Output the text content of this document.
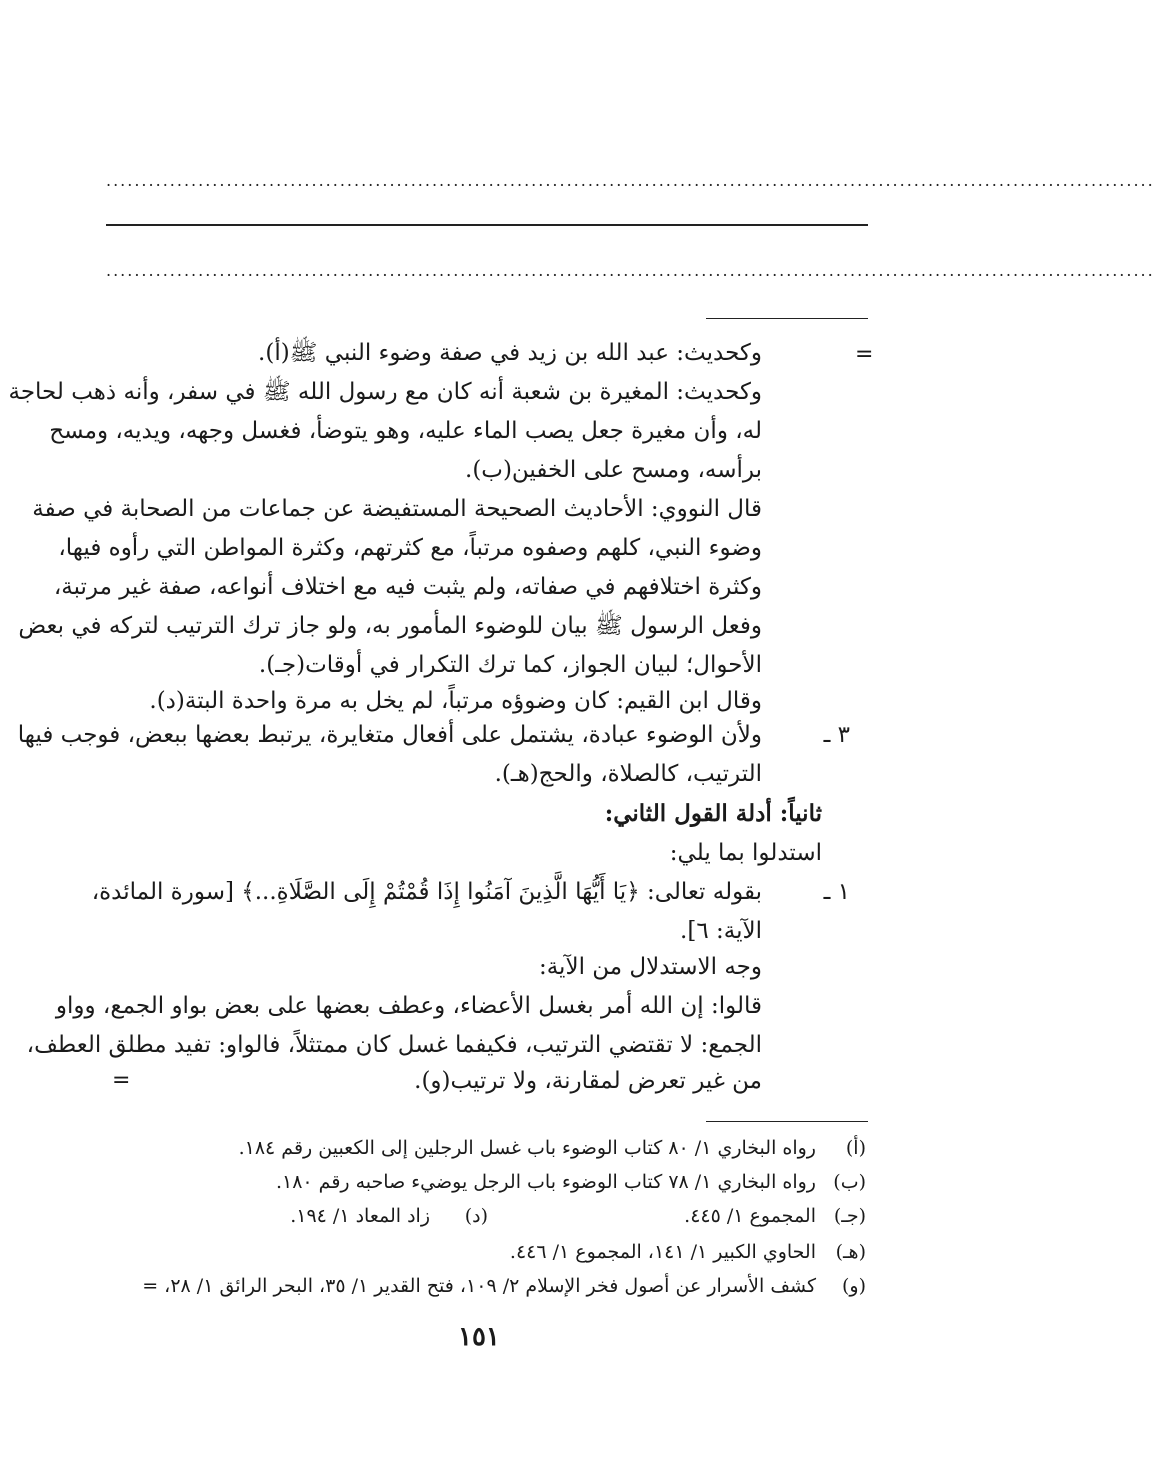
....................................................................................................................................................
....................................................................................................................................................
=
=
وكحديث: عبد الله بن زيد في صفة وضوء النبي ﷺ(أ).
وكحديث: المغيرة بن شعبة أنه كان مع رسول الله ﷺ في سفر، وأنه ذهب لحاجة
له، وأن مغيرة جعل يصب الماء عليه، وهو يتوضأ، فغسل وجهه، ويديه، ومسح
برأسه، ومسح على الخفين(ب).
قال النووي: الأحاديث الصحيحة المستفيضة عن جماعات من الصحابة في صفة
وضوء النبي، كلهم وصفوه مرتباً، مع كثرتهم، وكثرة المواطن التي رأوه فيها،
وكثرة اختلافهم في صفاته، ولم يثبت فيه مع اختلاف أنواعه، صفة غير مرتبة،
وفعل الرسول ﷺ بيان للوضوء المأمور به، ولو جاز ترك الترتيب لتركه في بعض
الأحوال؛ لبيان الجواز، كما ترك التكرار في أوقات(جـ).
وقال ابن القيم: كان وضوؤه مرتباً، لم يخل به مرة واحدة البتة(د).
٣ ـ
ولأن الوضوء عبادة، يشتمل على أفعال متغايرة، يرتبط بعضها ببعض، فوجب فيها
الترتيب، كالصلاة، والحج(هـ).
ثانياً: أدلة القول الثاني:
استدلوا بما يلي:
١ ـ
بقوله تعالى: ﴿يَا أَيُّهَا الَّذِينَ آمَنُوا إِذَا قُمْتُمْ إِلَى الصَّلَاةِ...﴾ [سورة المائدة،
الآية: ٦].
وجه الاستدلال من الآية:
قالوا: إن الله أمر بغسل الأعضاء، وعطف بعضها على بعض بواو الجمع، وواو
الجمع: لا تقتضي الترتيب، فكيفما غسل كان ممتثلاً، فالواو: تفيد مطلق العطف،
من غير تعرض لمقارنة، ولا ترتيب(و).
(أ)
رواه البخاري ١/ ٨٠ كتاب الوضوء باب غسل الرجلين إلى الكعبين رقم ١٨٤.
(ب)
رواه البخاري ١/ ٧٨ كتاب الوضوء باب الرجل يوضيء صاحبه رقم ١٨٠.
(جـ)
المجموع ١/ ٤٤٥.
(د)
زاد المعاد ١/ ١٩٤.
(هـ)
الحاوي الكبير ١/ ١٤١، المجموع ١/ ٤٤٦.
(و)
كشف الأسرار عن أصول فخر الإسلام ٢/ ١٠٩، فتح القدير ١/ ٣٥، البحر الرائق ١/ ٢٨، =
١٥١
